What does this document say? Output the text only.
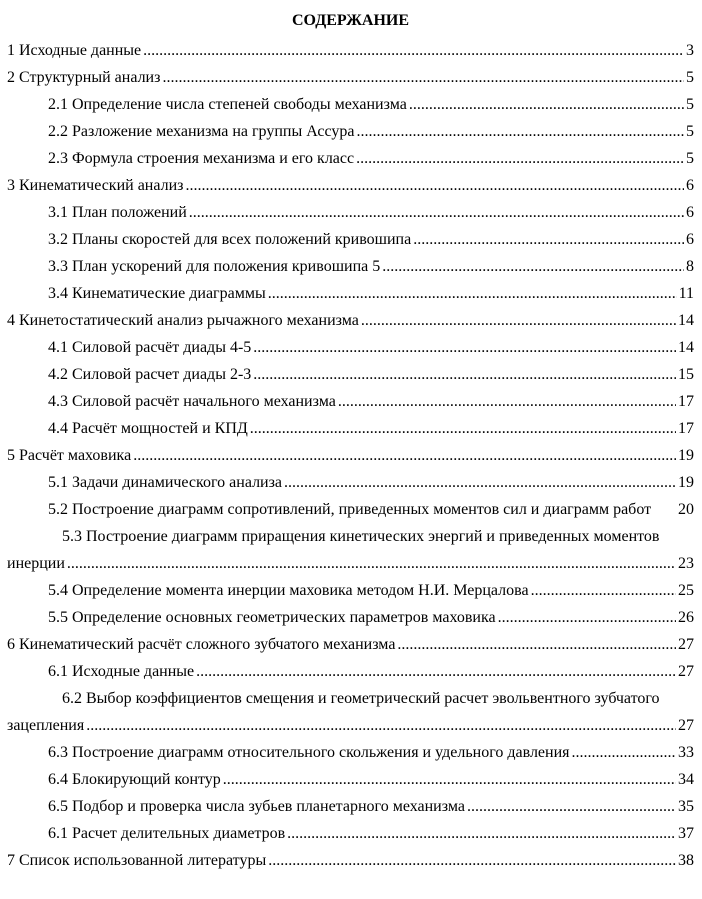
СОДЕРЖАНИЕ
1 Исходные данные .....	3
2 Структурный анализ .....	5
2.1 Определение числа степеней свободы механизма .....	5
2.2 Разложение механизма на группы Ассура .....	5
2.3 Формула строения механизма и его класс .....	5
3 Кинематический анализ .....	6
3.1 План положений .....	6
3.2 Планы скоростей для всех положений кривошипа .....	6
3.3 План ускорений для положения кривошипа 5 .....	8
3.4 Кинематические диаграммы .....	11
4 Кинетостатический анализ рычажного механизма .....	14
4.1 Силовой расчёт диады 4-5 .....	14
4.2 Силовой расчет диады 2-3 .....	15
4.3 Силовой расчёт начального механизма .....	17
4.4 Расчёт мощностей и КПД .....	17
5 Расчёт маховика .....	19
5.1 Задачи динамического анализа .....	19
5.2 Построение диаграмм сопротивлений, приведенных моментов сил и диаграмм работ 20
5.3 Построение диаграмм приращения кинетических энергий и приведенных моментов
инерции .....	23
5.4 Определение момента инерции маховика методом Н.И. Мерцалова .....	25
5.5 Определение основных геометрических параметров маховика .....	26
6 Кинематический расчёт сложного зубчатого механизма .....	27
6.1 Исходные данные .....	27
6.2 Выбор коэффициентов смещения и геометрический расчет эвольвентного зубчатого
зацепления .....	27
6.3 Построение диаграмм относительного скольжения и удельного давления .....	33
6.4 Блокирующий контур .....	34
6.5 Подбор и проверка числа зубьев планетарного механизма .....	35
6.1 Расчет делительных диаметров .....	37
7 Список использованной литературы .....	38
